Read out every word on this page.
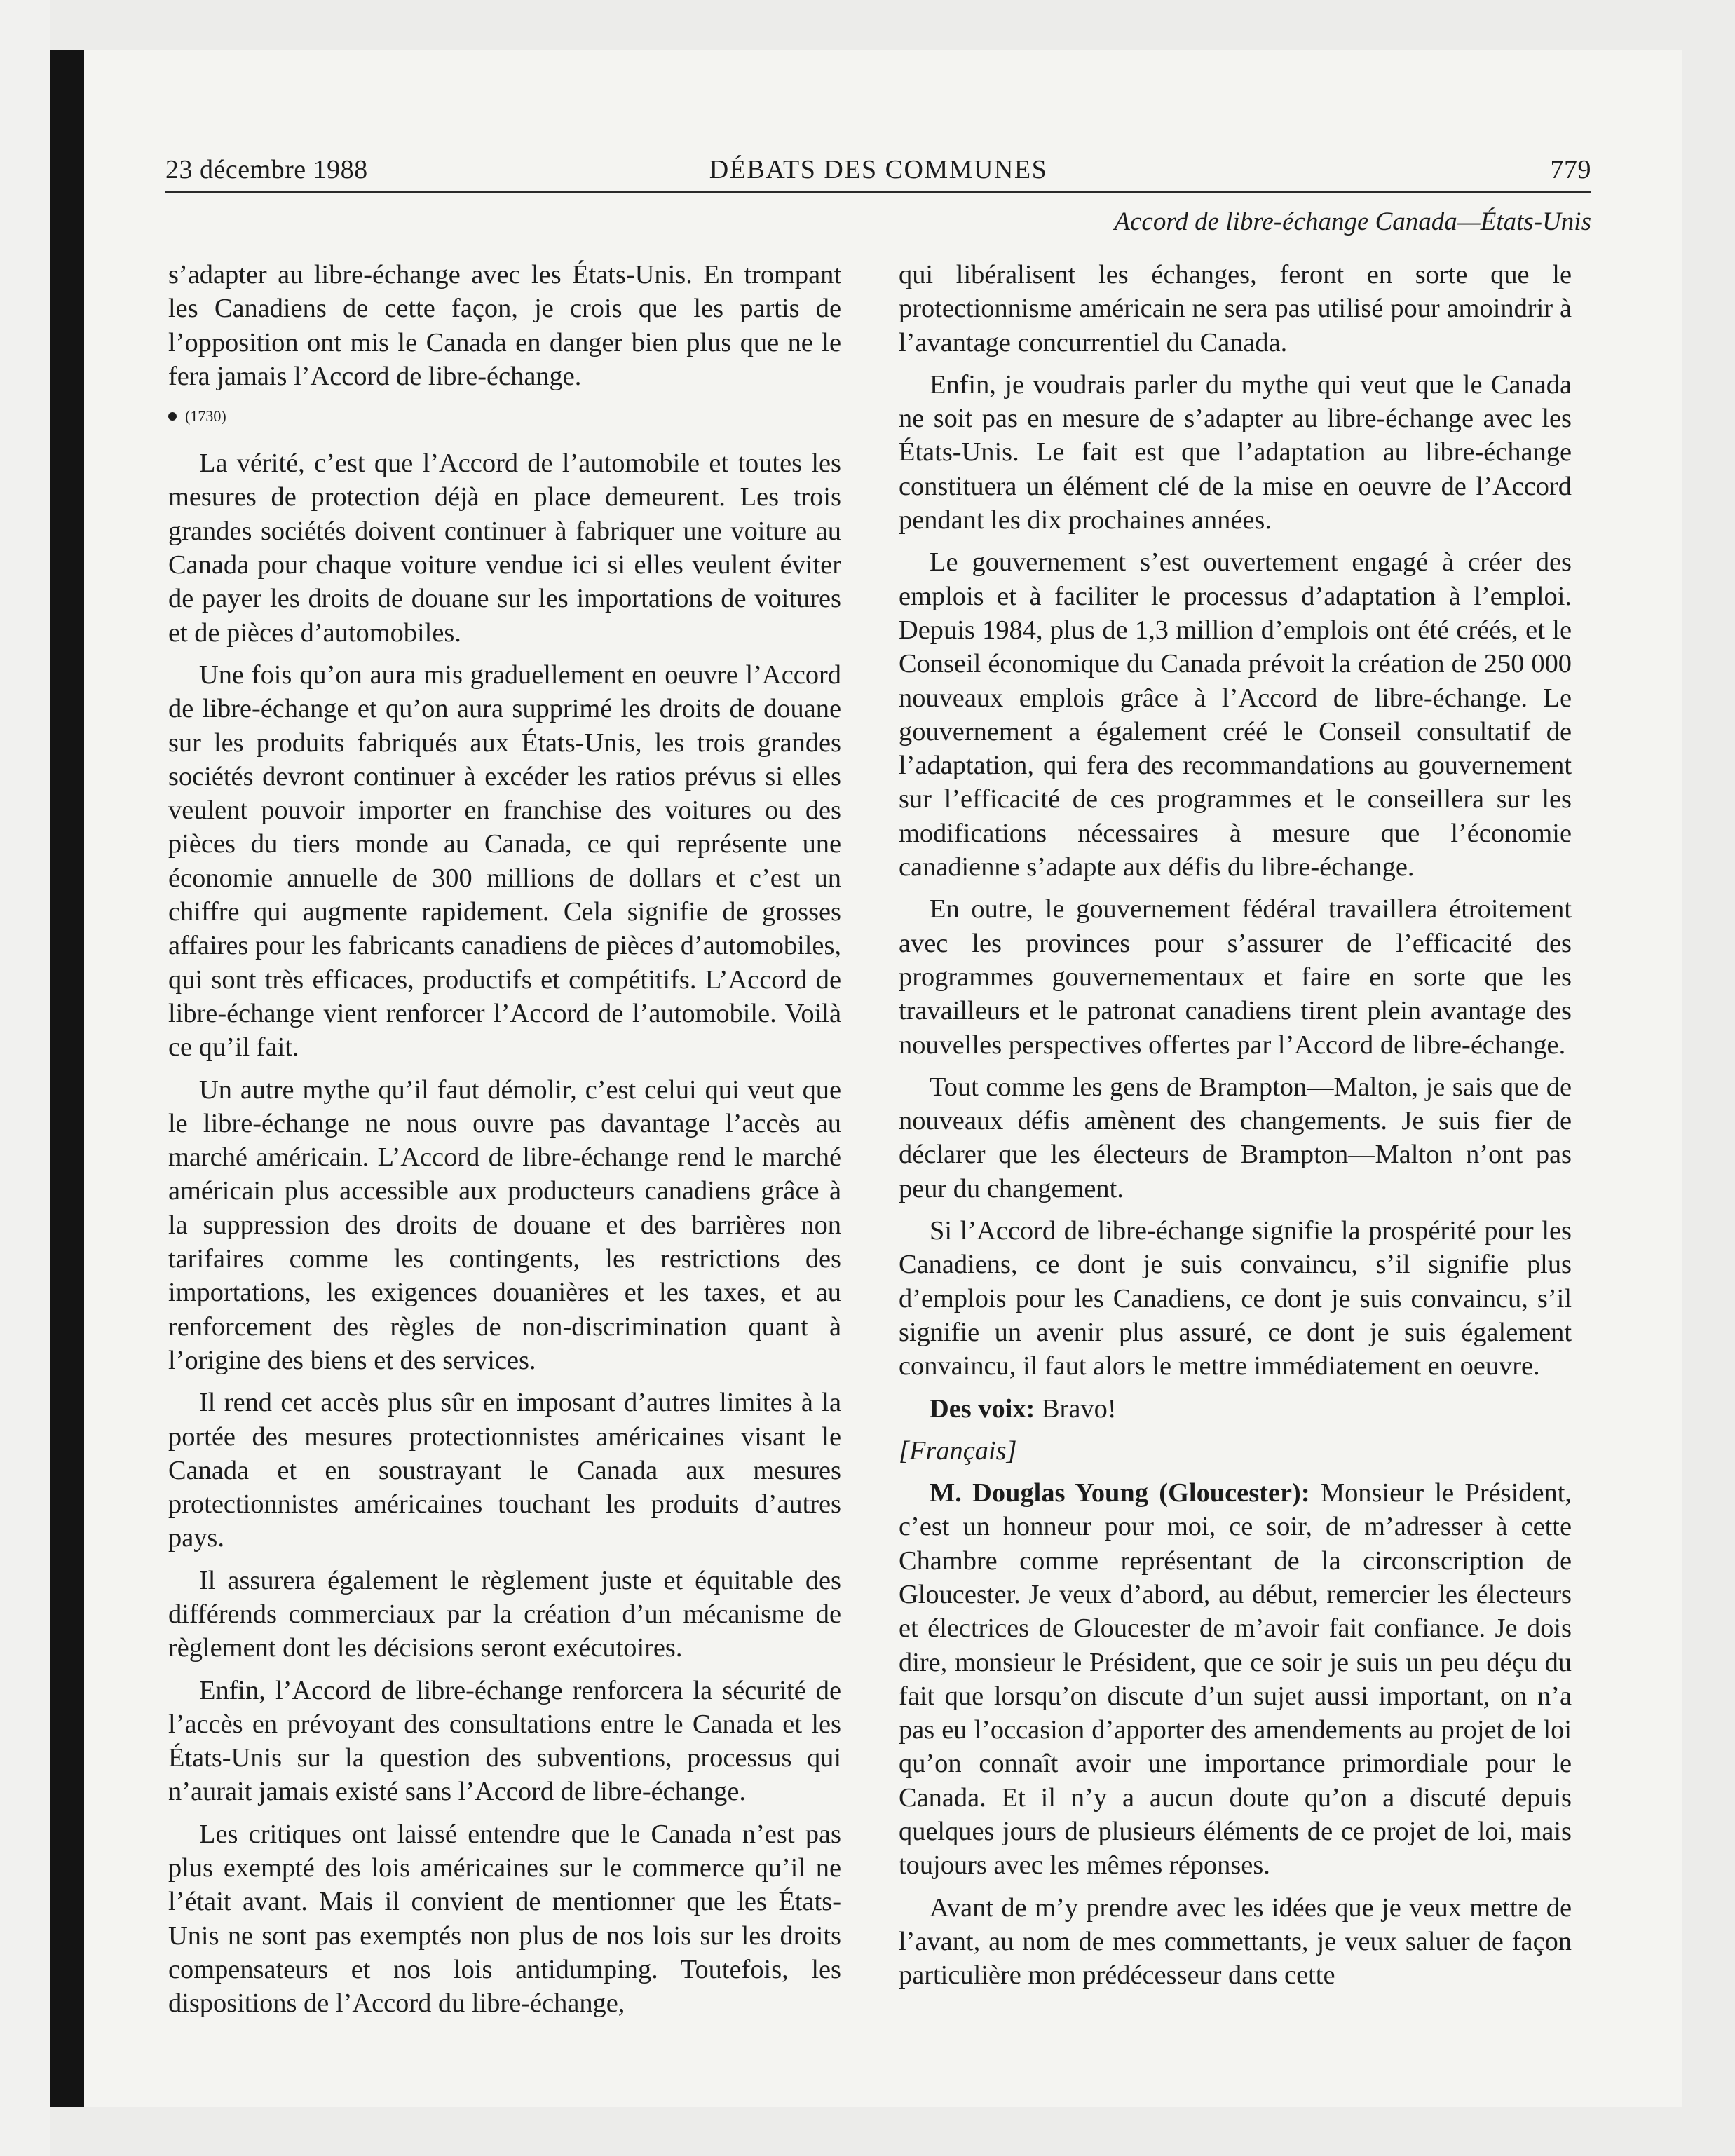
23 décembre 1988	DÉBATS DES COMMUNES	779
Accord de libre-échange Canada—États-Unis

s’adapter au libre-échange avec les États-Unis. En trompant les Canadiens de cette façon, je crois que les partis de l’opposition ont mis le Canada en danger bien plus que ne le fera jamais l’Accord de libre-échange.

(1730)

La vérité, c’est que l’Accord de l’automobile et toutes les mesures de protection déjà en place demeurent. Les trois grandes sociétés doivent continuer à fabriquer une voiture au Canada pour chaque voiture vendue ici si elles veulent éviter de payer les droits de douane sur les importations de voitures et de pièces d’automobiles.

Une fois qu’on aura mis graduellement en oeuvre l’Accord de libre-échange et qu’on aura supprimé les droits de douane sur les produits fabriqués aux États-Unis, les trois grandes sociétés devront continuer à excéder les ratios prévus si elles veulent pouvoir importer en franchise des voitures ou des pièces du tiers monde au Canada, ce qui représente une économie annuelle de 300 millions de dollars et c’est un chiffre qui augmente rapidement. Cela signifie de grosses affaires pour les fabricants canadiens de pièces d’automobiles, qui sont très efficaces, productifs et compétitifs. L’Accord de libre-échange vient renforcer l’Accord de l’automobile. Voilà ce qu’il fait.

Un autre mythe qu’il faut démolir, c’est celui qui veut que le libre-échange ne nous ouvre pas davantage l’accès au marché américain. L’Accord de libre-échange rend le marché américain plus accessible aux producteurs canadiens grâce à la suppression des droits de douane et des barrières non tarifaires comme les contingents, les restrictions des importations, les exigences douanières et les taxes, et au renforcement des règles de non-discrimination quant à l’origine des biens et des services.

Il rend cet accès plus sûr en imposant d’autres limites à la portée des mesures protectionnistes américaines visant le Canada et en soustrayant le Canada aux mesures protectionnistes américaines touchant les produits d’autres pays.

Il assurera également le règlement juste et équitable des différends commerciaux par la création d’un mécanisme de règlement dont les décisions seront exécutoires.

Enfin, l’Accord de libre-échange renforcera la sécurité de l’accès en prévoyant des consultations entre le Canada et les États-Unis sur la question des subventions, processus qui n’aurait jamais existé sans l’Accord de libre-échange.

Les critiques ont laissé entendre que le Canada n’est pas plus exempté des lois américaines sur le commerce qu’il ne l’était avant. Mais il convient de mentionner que les États-Unis ne sont pas exemptés non plus de nos lois sur les droits compensateurs et nos lois antidumping. Toutefois, les dispositions de l’Accord du libre-échange,

qui libéralisent les échanges, feront en sorte que le protectionnisme américain ne sera pas utilisé pour amoindrir à l’avantage concurrentiel du Canada.

Enfin, je voudrais parler du mythe qui veut que le Canada ne soit pas en mesure de s’adapter au libre-échange avec les États-Unis. Le fait est que l’adaptation au libre-échange constituera un élément clé de la mise en oeuvre de l’Accord pendant les dix prochaines années.

Le gouvernement s’est ouvertement engagé à créer des emplois et à faciliter le processus d’adaptation à l’emploi. Depuis 1984, plus de 1,3 million d’emplois ont été créés, et le Conseil économique du Canada prévoit la création de 250 000 nouveaux emplois grâce à l’Accord de libre-échange. Le gouvernement a également créé le Conseil consultatif de l’adaptation, qui fera des recommandations au gouvernement sur l’efficacité de ces programmes et le conseillera sur les modifications nécessaires à mesure que l’économie canadienne s’adapte aux défis du libre-échange.

En outre, le gouvernement fédéral travaillera étroitement avec les provinces pour s’assurer de l’efficacité des programmes gouvernementaux et faire en sorte que les travailleurs et le patronat canadiens tirent plein avantage des nouvelles perspectives offertes par l’Accord de libre-échange.

Tout comme les gens de Brampton—Malton, je sais que de nouveaux défis amènent des changements. Je suis fier de déclarer que les électeurs de Brampton—Malton n’ont pas peur du changement.

Si l’Accord de libre-échange signifie la prospérité pour les Canadiens, ce dont je suis convaincu, s’il signifie plus d’emplois pour les Canadiens, ce dont je suis convaincu, s’il signifie un avenir plus assuré, ce dont je suis également convaincu, il faut alors le mettre immédiatement en oeuvre.

Des voix: Bravo!

[Français]

M. Douglas Young (Gloucester): Monsieur le Président, c’est un honneur pour moi, ce soir, de m’adresser à cette Chambre comme représentant de la circonscription de Gloucester. Je veux d’abord, au début, remercier les électeurs et électrices de Gloucester de m’avoir fait confiance. Je dois dire, monsieur le Président, que ce soir je suis un peu déçu du fait que lorsqu’on discute d’un sujet aussi important, on n’a pas eu l’occasion d’apporter des amendements au projet de loi qu’on connaît avoir une importance primordiale pour le Canada. Et il n’y a aucun doute qu’on a discuté depuis quelques jours de plusieurs éléments de ce projet de loi, mais toujours avec les mêmes réponses.

Avant de m’y prendre avec les idées que je veux mettre de l’avant, au nom de mes commettants, je veux saluer de façon particulière mon prédécesseur dans cette
